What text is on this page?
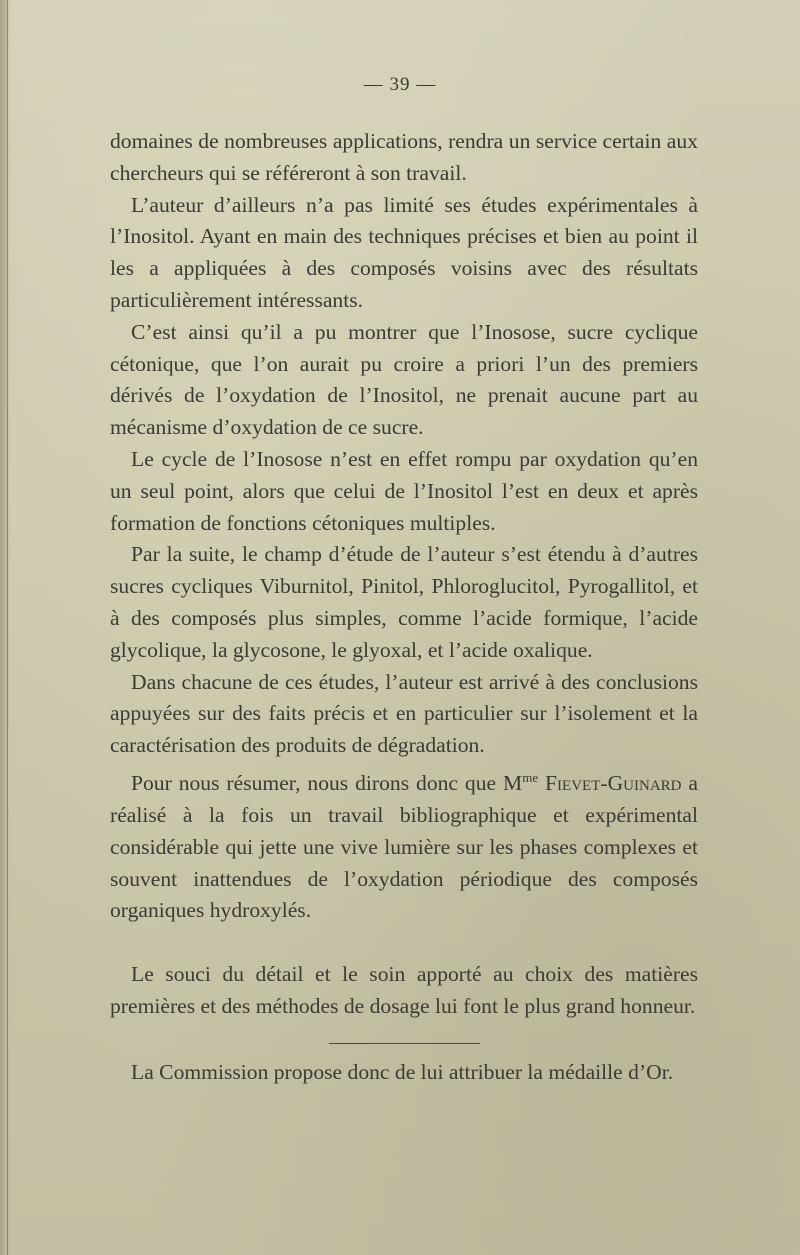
— 39 —

domaines de nombreuses applications, rendra un service certain aux chercheurs qui se référeront à son travail.

L’auteur d’ailleurs n’a pas limité ses études expérimentales à l’Inositol. Ayant en main des techniques précises et bien au point il les a appliquées à des composés voisins avec des résultats particulièrement intéressants.

C’est ainsi qu’il a pu montrer que l’Inosose, sucre cyclique cétonique, que l’on aurait pu croire a priori l’un des premiers dérivés de l’oxydation de l’Inositol, ne prenait aucune part au mécanisme d’oxydation de ce sucre.

Le cycle de l’Inosose n’est en effet rompu par oxydation qu’en un seul point, alors que celui de l’Inositol l’est en deux et après formation de fonctions cétoniques multiples.

Par la suite, le champ d’étude de l’auteur s’est étendu à d’autres sucres cycliques Viburnitol, Pinitol, Phloroglucitol, Pyrogallitol, et à des composés plus simples, comme l’acide formique, l’acide glycolique, la glycosone, le glyoxal, et l’acide oxalique.

Dans chacune de ces études, l’auteur est arrivé à des conclusions appuyées sur des faits précis et en particulier sur l’isolement et la caractérisation des produits de dégradation.

Pour nous résumer, nous dirons donc que $M^{me}$ Fievet-Guinard a réalisé à la fois un travail bibliographique et expérimental considérable qui jette une vive lumière sur les phases complexes et souvent inattendues de l’oxydation périodique des composés organiques hydroxylés.

Le souci du détail et le soin apporté au choix des matières premières et des méthodes de dosage lui font le plus grand honneur.

La Commission propose donc de lui attribuer la médaille d’Or.
